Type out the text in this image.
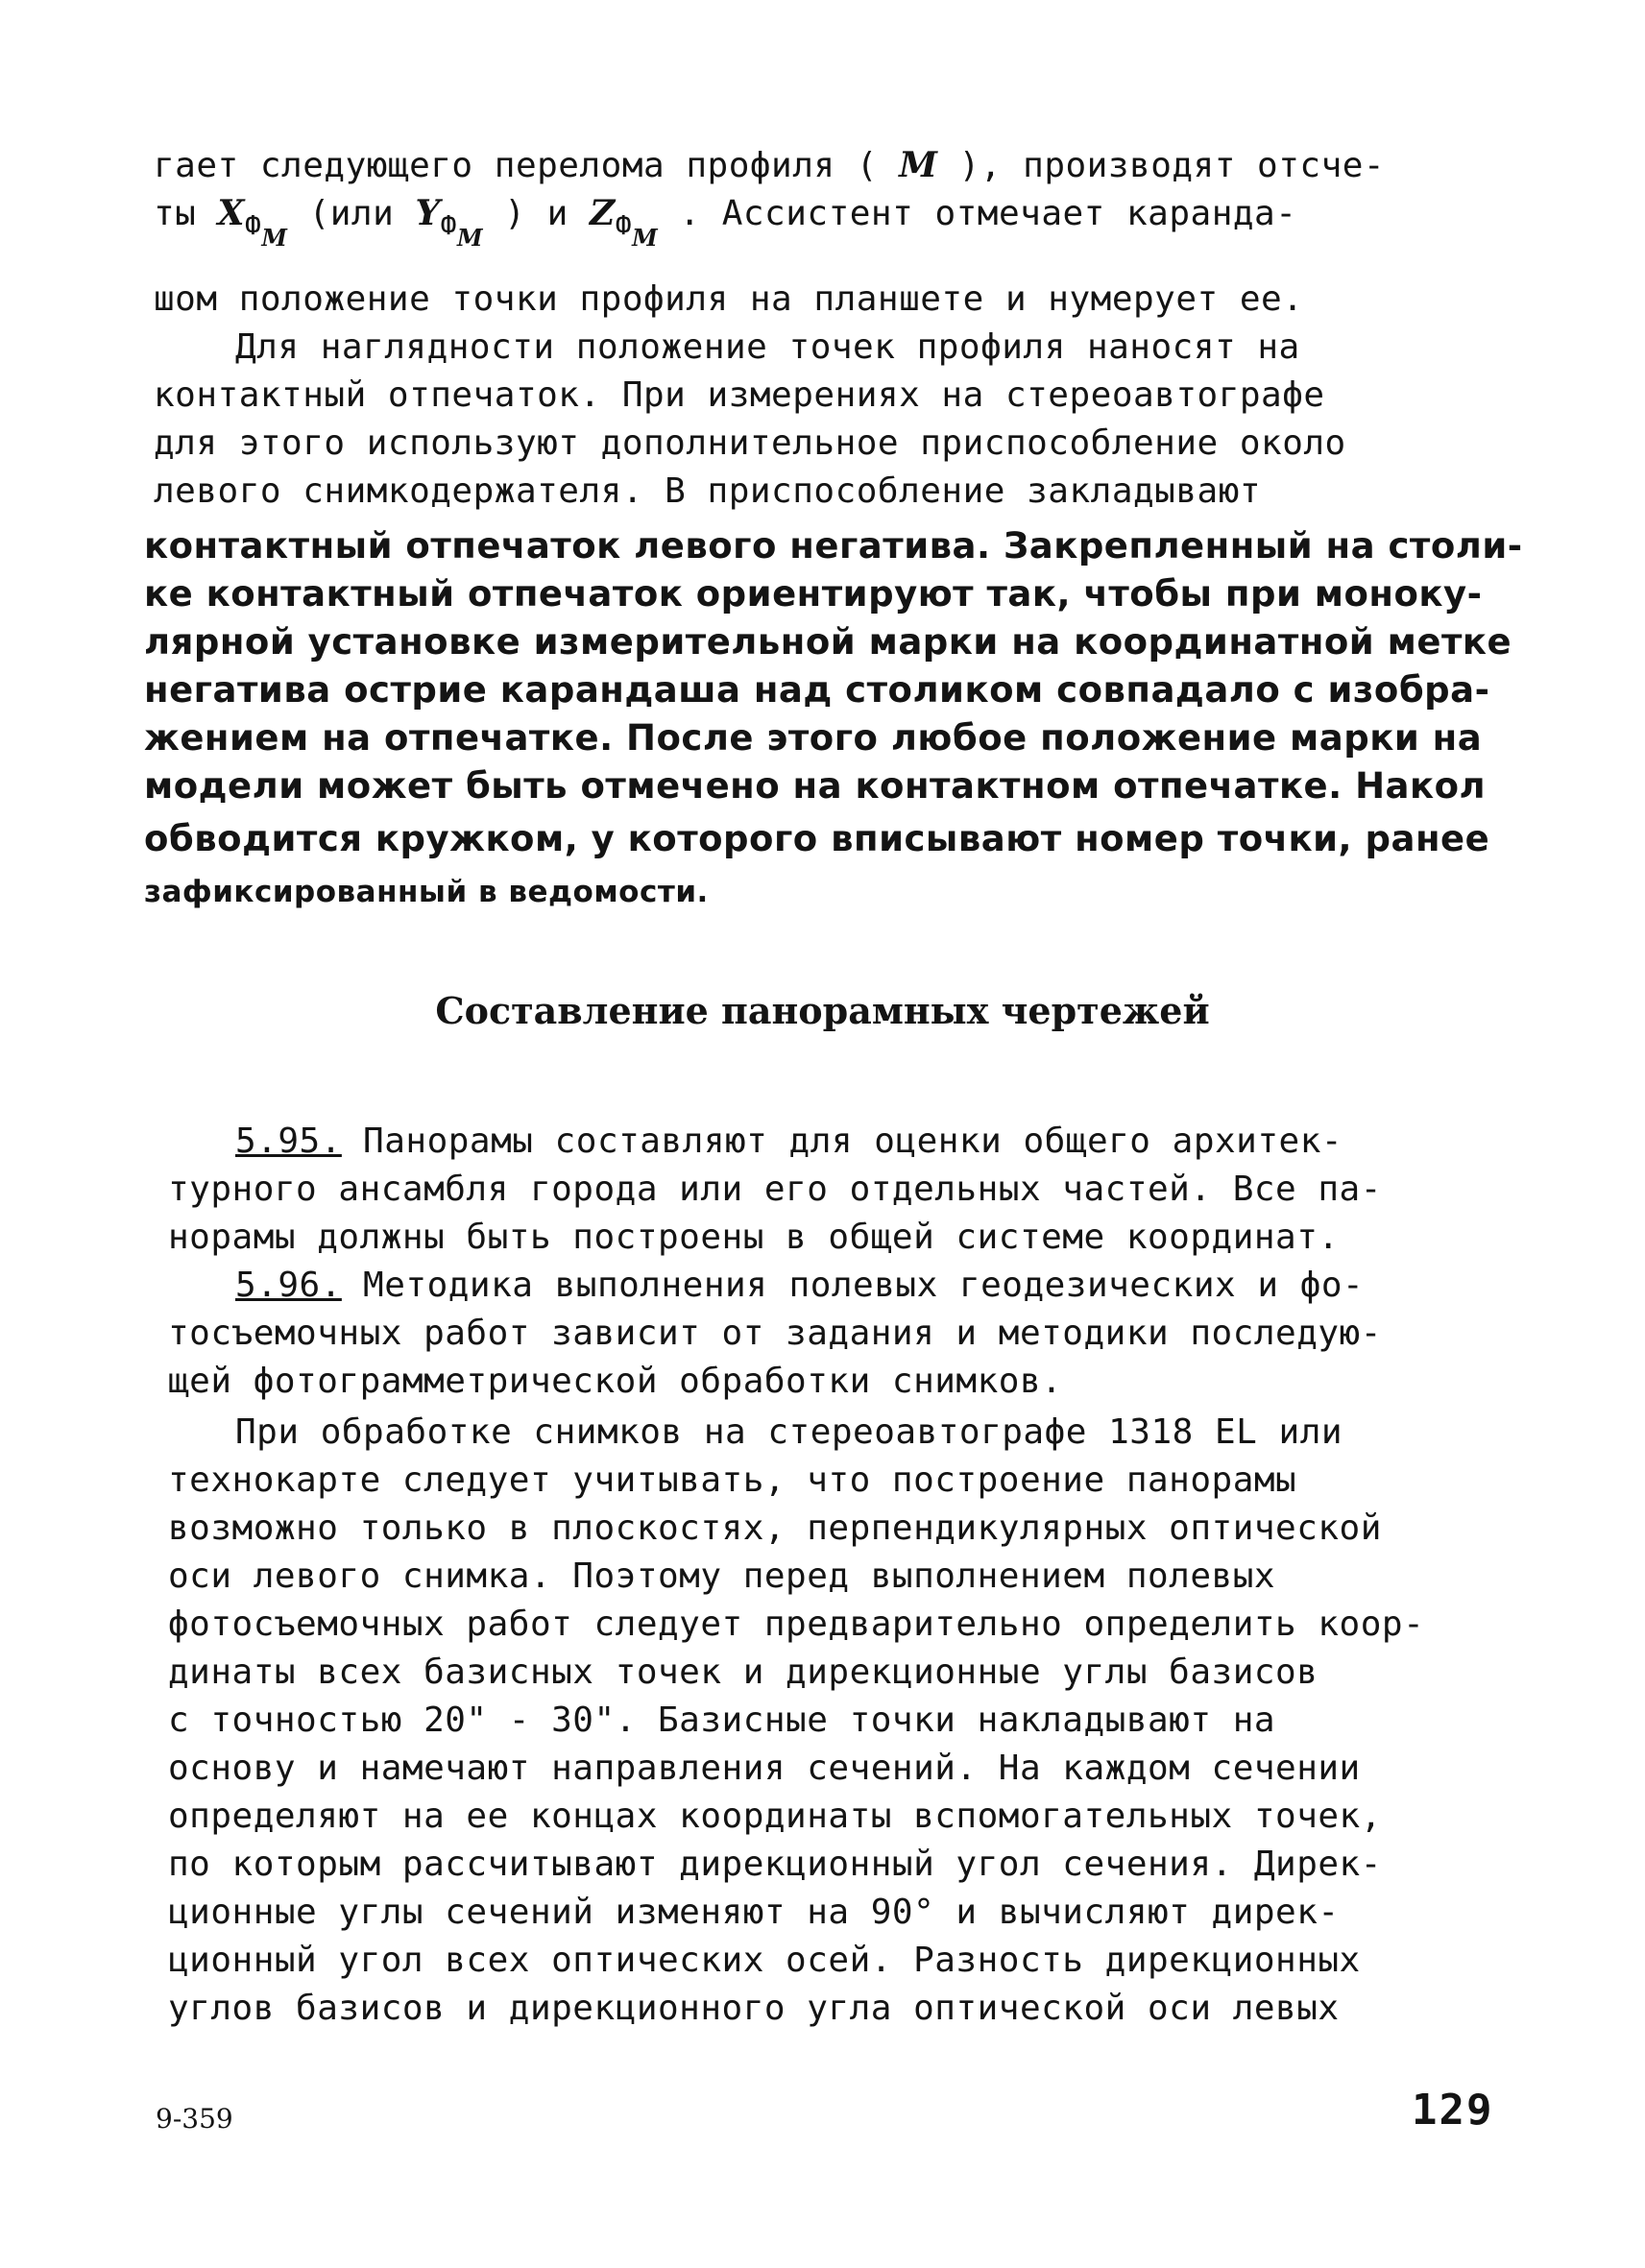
гает следующего перелома профиля ( M ), производят отсче-
ты $X_{Ф_M}$ (или $Y_{Ф_M}$ ) и $Z_{Ф_M}$ . Ассистент отмечает каранда-
шом положение точки профиля на планшете и нумерует ее.
Для наглядности положение точек профиля наносят на
контактный отпечаток. При измерениях на стереоавтографе
для этого используют дополнительное приспособление около
левого снимкодержателя. В приспособление закладывают
контактный отпечаток левого негатива. Закрепленный на столи-
ке контактный отпечаток ориентируют так, чтобы при моноку-
лярной установке измерительной марки на координатной метке
негатива острие карандаша над столиком совпадало с изобра-
жением на отпечатке. После этого любое положение марки на
модели может быть отмечено на контактном отпечатке. Накол
обводится кружком, у которого вписывают номер точки, ранее
зафиксированный в ведомости.
Составление панорамных чертежей
5.95. Панорамы составляют для оценки общего архитек-
турного ансамбля города или его отдельных частей. Все па-
норамы должны быть построены в общей системе координат.
5.96. Методика выполнения полевых геодезических и фо-
тосъемочных работ зависит от задания и методики последую-
щей фотограмметрической обработки снимков.
При обработке снимков на стереоавтографе 1318 EL или
технокарте следует учитывать, что построение панорамы
возможно только в плоскостях, перпендикулярных оптической
оси левого снимка. Поэтому перед выполнением полевых
фотосъемочных работ следует предварительно определить коор-
динаты всех базисных точек и дирекционные углы базисов
с точностью 20" - 30". Базисные точки накладывают на
основу и намечают направления сечений. На каждом сечении
определяют на ее концах координаты вспомогательных точек,
по которым рассчитывают дирекционный угол сечения. Дирек-
ционные углы сечений изменяют на 90° и вычисляют дирек-
ционный угол всех оптических осей. Разность дирекционных
углов базисов и дирекционного угла оптической оси левых
9-359	129
